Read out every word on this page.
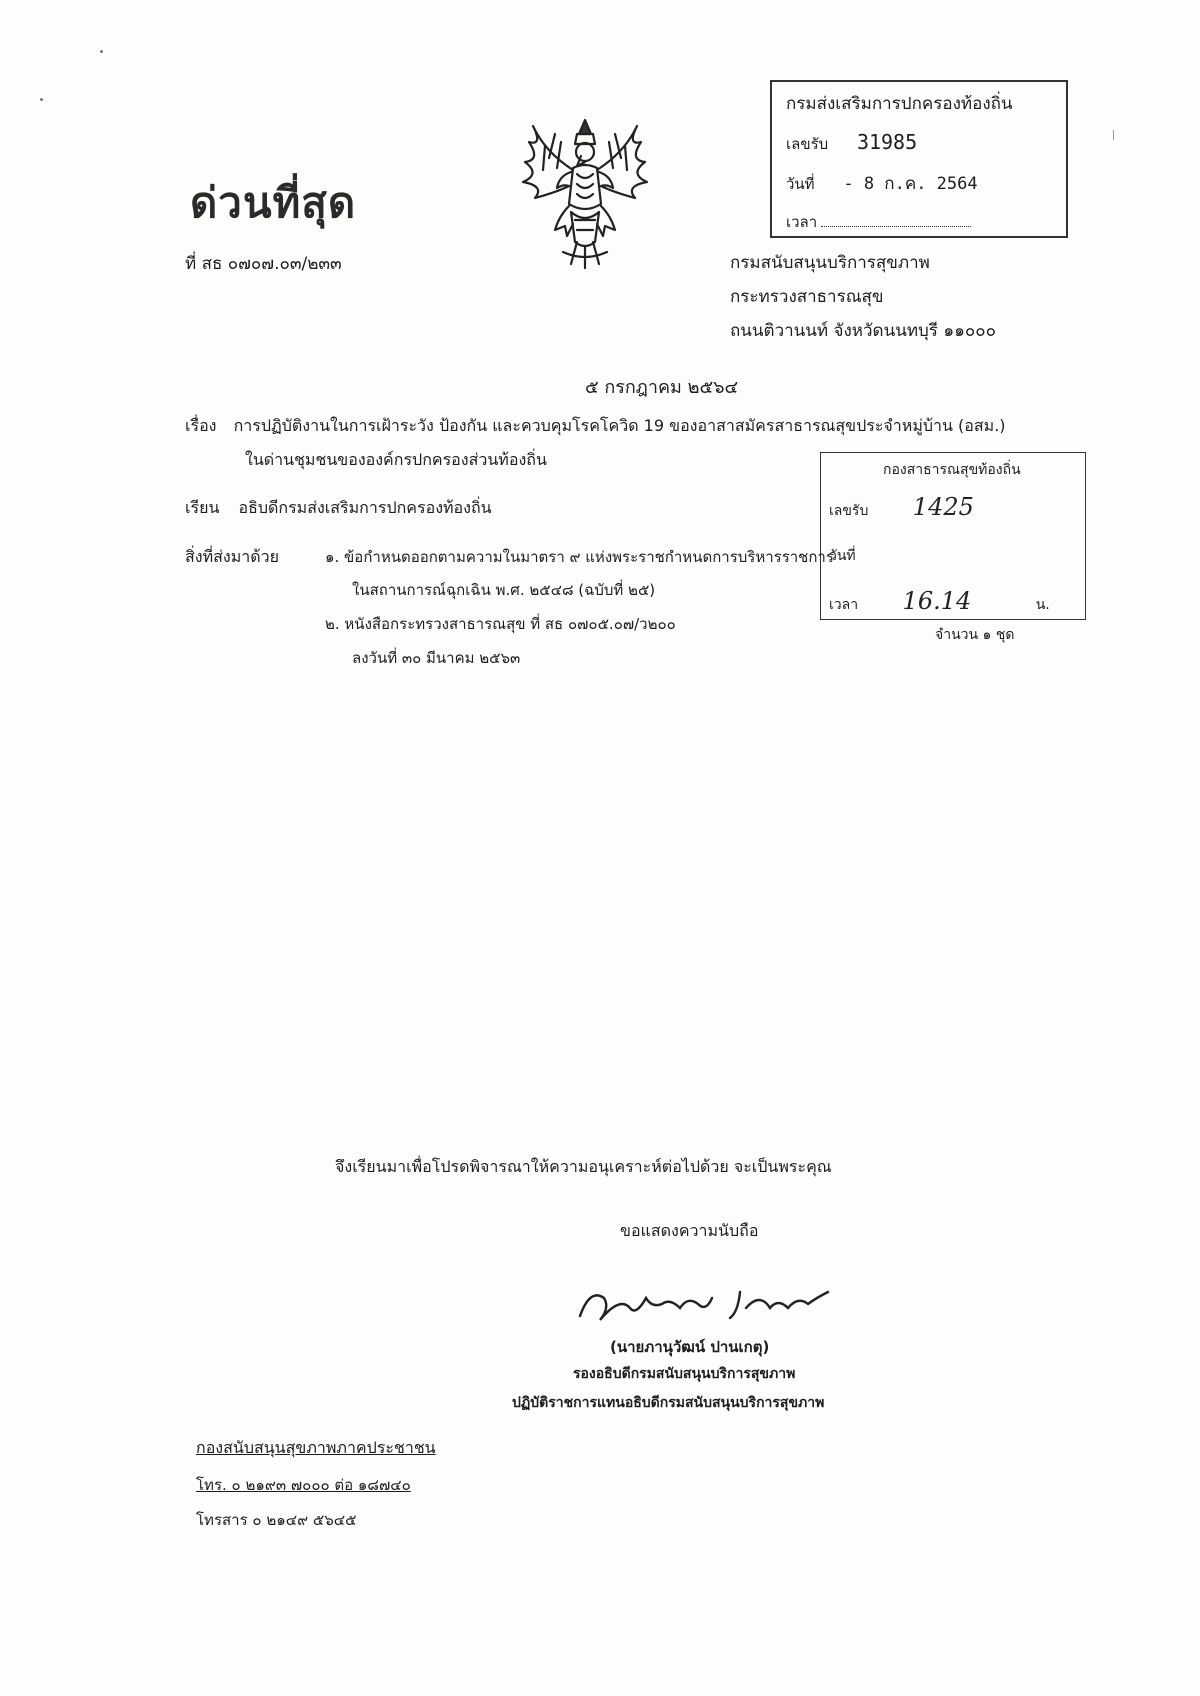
ด่วนที่สุด
ที่ สธ ๐๗๐๗.๐๓/๒๓๓
กรมส่งเสริมการปกครองท้องถิ่น
เลขรับ 31985
วันที่ - 8 ก.ค. 2564
เวลา
กรมสนับสนุนบริการสุขภาพ
กระทรวงสาธารณสุข
ถนนติวานนท์ จังหวัดนนทบุรี ๑๑๐๐๐
๕ กรกฎาคม ๒๕๖๔
เรื่อง การปฏิบัติงานในการเฝ้าระวัง ป้องกัน และควบคุมโรคโควิด 19 ของอาสาสมัครสาธารณสุขประจำหมู่บ้าน (อสม.)
ในด่านชุมชนขององค์กรปกครองส่วนท้องถิ่น
กองสาธารณสุขท้องถิ่น
เลขรับ 1425
วันที่
เวลา 16.14	น.
เรียน อธิบดีกรมส่งเสริมการปกครองท้องถิ่น
สิ่งที่ส่งมาด้วย	๑. ข้อกำหนดออกตามความในมาตรา ๙ แห่งพระราชกำหนดการบริหารราชการ
ในสถานการณ์ฉุกเฉิน พ.ศ. ๒๕๔๘ (ฉบับที่ ๒๕)
๒. หนังสือกระทรวงสาธารณสุข ที่ สธ ๐๗๐๕.๐๗/ว๒๐๐
ลงวันที่ ๓๐ มีนาคม ๒๕๖๓
จำนวน ๑ ชุด
จึงเรียนมาเพื่อโปรดพิจารณาให้ความอนุเคราะห์ต่อไปด้วย จะเป็นพระคุณ
ขอแสดงความนับถือ
(นายภานุวัฒน์ ปานเกตุ)
รองอธิบดีกรมสนับสนุนบริการสุขภาพ
ปฏิบัติราชการแทนอธิบดีกรมสนับสนุนบริการสุขภาพ
กองสนับสนุนสุขภาพภาคประชาชน
โทร. ๐ ๒๑๙๓ ๗๐๐๐ ต่อ ๑๘๗๔๐
โทรสาร ๐ ๒๑๔๙ ๕๖๔๕
